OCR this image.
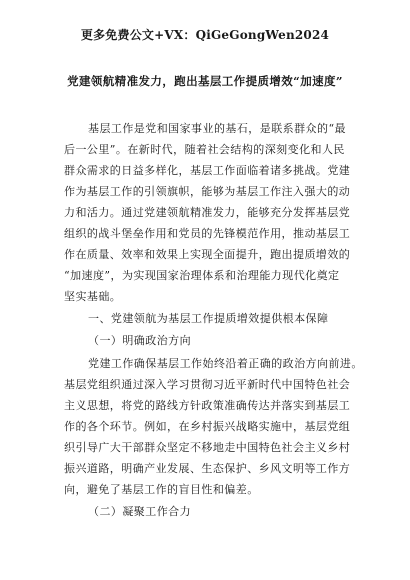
更多免费公文+VX：QiGeGongWen2024
党建领航精准发力，跑出基层工作提质增效“加速度”
基层工作是党和国家事业的基石，是联系群众的“最
后一公里”。在新时代，随着社会结构的深刻变化和人民
群众需求的日益多样化，基层工作面临着诸多挑战。党建
作为基层工作的引领旗帜，能够为基层工作注入强大的动
力和活力。通过党建领航精准发力，能够充分发挥基层党
组织的战斗堡垒作用和党员的先锋模范作用，推动基层工
作在质量、效率和效果上实现全面提升，跑出提质增效的
“加速度”，为实现国家治理体系和治理能力现代化奠定
坚实基础。
一、党建领航为基层工作提质增效提供根本保障
（一）明确政治方向
党建工作确保基层工作始终沿着正确的政治方向前进。
基层党组织通过深入学习贯彻习近平新时代中国特色社会
主义思想，将党的路线方针政策准确传达并落实到基层工
作的各个环节。例如，在乡村振兴战略实施中，基层党组
织引导广大干部群众坚定不移地走中国特色社会主义乡村
振兴道路，明确产业发展、生态保护、乡风文明等工作方
向，避免了基层工作的盲目性和偏差。
（二）凝聚工作合力
